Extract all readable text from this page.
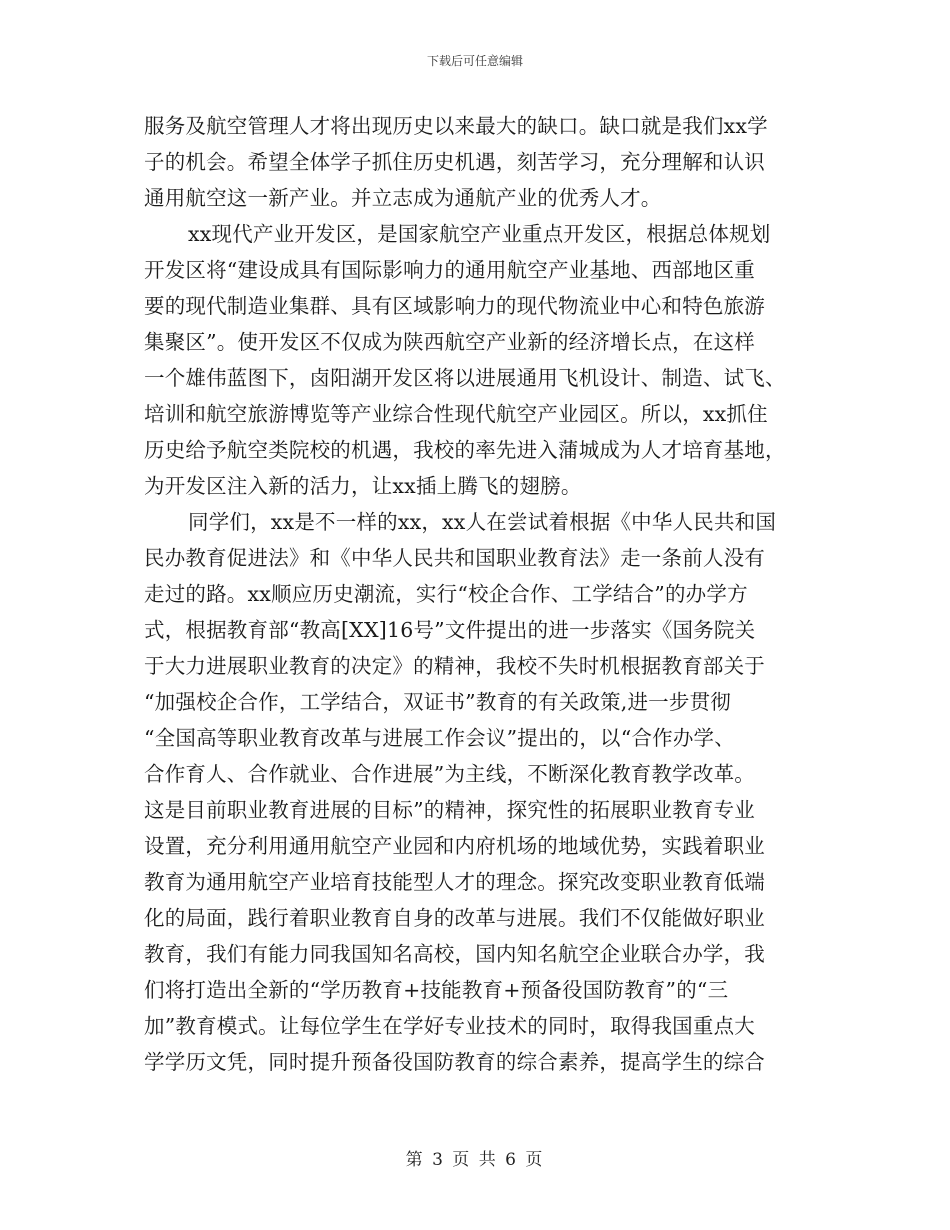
下载后可任意编辑
服务及航空管理人才将出现历史以来最大的缺口。缺口就是我们xx学
子的机会。希望全体学子抓住历史机遇，刻苦学习，充分理解和认识
通用航空这一新产业。并立志成为通航产业的优秀人才。
xx现代产业开发区，是国家航空产业重点开发区，根据总体规划
开发区将“建设成具有国际影响力的通用航空产业基地、西部地区重
要的现代制造业集群、具有区域影响力的现代物流业中心和特色旅游
集聚区”。使开发区不仅成为陕西航空产业新的经济增长点，在这样
一个雄伟蓝图下，卤阳湖开发区将以进展通用飞机设计、制造、试飞、
培训和航空旅游博览等产业综合性现代航空产业园区。所以，xx抓住
历史给予航空类院校的机遇，我校的率先进入蒲城成为人才培育基地，
为开发区注入新的活力，让xx插上腾飞的翅膀。
同学们，xx是不一样的xx，xx人在尝试着根据《中华人民共和国
民办教育促进法》和《中华人民共和国职业教育法》走一条前人没有
走过的路。xx顺应历史潮流，实行“校企合作、工学结合”的办学方
式，根据教育部“教高[XX]16号”文件提出的进一步落实《国务院关
于大力进展职业教育的决定》的精神，我校不失时机根据教育部关于
“加强校企合作，工学结合，双证书”教育的有关政策,进一步贯彻
“全国高等职业教育改革与进展工作会议”提出的，以“合作办学、
合作育人、合作就业、合作进展”为主线，不断深化教育教学改革。
这是目前职业教育进展的目标”的精神，探究性的拓展职业教育专业
设置，充分利用通用航空产业园和内府机场的地域优势，实践着职业
教育为通用航空产业培育技能型人才的理念。探究改变职业教育低端
化的局面，践行着职业教育自身的改革与进展。我们不仅能做好职业
教育，我们有能力同我国知名高校，国内知名航空企业联合办学，我
们将打造出全新的“学历教育+技能教育+预备役国防教育”的“三
加”教育模式。让每位学生在学好专业技术的同时，取得我国重点大
学学历文凭，同时提升预备役国防教育的综合素养，提高学生的综合
第 3 页 共 6 页
